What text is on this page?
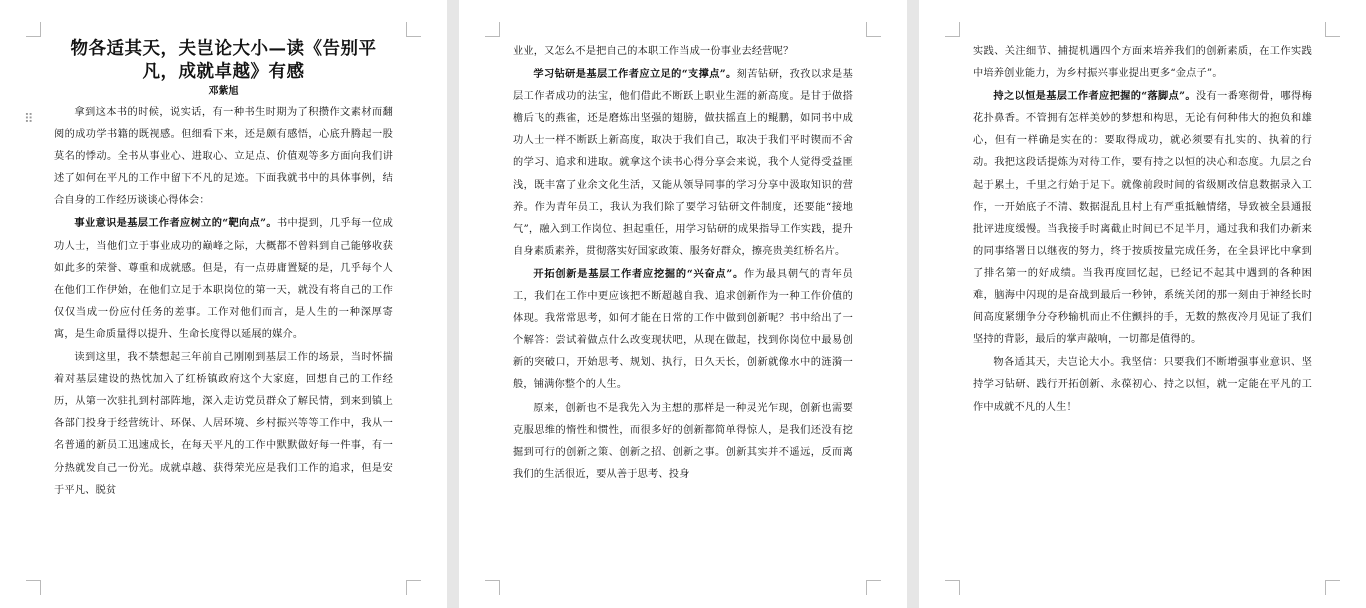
⠿
物各适其天，夫岂论大小—读《告别平凡，成就卓越》有感
邓紫旭

拿到这本书的时候，说实话，有一种书生时期为了积攒作文素材而翻阅的成功学书籍的既视感。但细看下来，还是颇有感悟，心底升腾起一股莫名的悸动。全书从事业心、进取心、立足点、价值观等多方面向我们讲述了如何在平凡的工作中留下不凡的足迹。下面我就书中的具体事例，结合自身的工作经历谈谈心得体会：

事业意识是基层工作者应树立的“靶向点”。书中提到，几乎每一位成功人士，当他们立于事业成功的巅峰之际，大概都不曾料到自己能够收获如此多的荣誉、尊重和成就感。但是，有一点毋庸置疑的是，几乎每个人在他们工作伊始，在他们立足于本职岗位的第一天，就没有将自己的工作仅仅当成一份应付任务的差事。工作对他们而言，是人生的一种深厚寄寓，是生命质量得以提升、生命长度得以延展的媒介。

读到这里，我不禁想起三年前自己刚刚到基层工作的场景，当时怀揣着对基层建设的热忱加入了红桥镇政府这个大家庭，回想自己的工作经历，从第一次驻扎到村部阵地，深入走访党员群众了解民情，到来到镇上各部门投身于经营统计、环保、人居环境、乡村振兴等等工作中，我从一名普通的新员工迅速成长，在每天平凡的工作中默默做好每一件事，有一分热就发自己一份光。成就卓越、获得荣光应是我们工作的追求，但是安于平凡、脱贫

业业，又怎么不是把自己的本职工作当成一份事业去经营呢？

学习钻研是基层工作者应立足的“支撑点”。刻苦钻研，孜孜以求是基层工作者成功的法宝，他们借此不断跃上职业生涯的新高度。是甘于做搭檐后飞的燕雀，还是磨炼出坚强的翅膀，做扶摇直上的鲲鹏，如同书中成功人士一样不断跃上新高度，取决于我们自己，取决于我们平时锲而不舍的学习、追求和进取。就拿这个读书心得分享会来说，我个人觉得受益匪浅，既丰富了业余文化生活，又能从领导同事的学习分享中汲取知识的营养。作为青年员工，我认为我们除了要学习钻研文件制度，还要能“接地气”，融入到工作岗位、担起重任，用学习钻研的成果指导工作实践，提升自身素质素养，贯彻落实好国家政策、服务好群众，擦亮贵美红桥名片。

开拓创新是基层工作者应挖掘的“兴奋点”。作为最具朝气的青年员工，我们在工作中更应该把不断超越自我、追求创新作为一种工作价值的体现。我常常思考，如何才能在日常的工作中做到创新呢？书中给出了一个解答：尝试着做点什么改变现状吧，从现在做起，找到你岗位中最易创新的突破口，开始思考、规划、执行，日久天长，创新就像水中的涟漪一般，铺满你整个的人生。

原来，创新也不是我先入为主想的那样是一种灵光乍现，创新也需要克服思维的惰性和惯性，而很多好的创新都简单得惊人，是我们还没有挖掘到可行的创新之策、创新之招、创新之事。创新其实并不遥远，反而离我们的生活很近，要从善于思考、投身

实践、关注细节、捕捉机遇四个方面来培养我们的创新素质，在工作实践中培养创业能力，为乡村振兴事业提出更多“金点子”。

持之以恒是基层工作者应把握的“落脚点”。没有一番寒彻骨，哪得梅花扑鼻香。不管拥有怎样美妙的梦想和构思，无论有何种伟大的抱负和雄心，但有一样确是实在的：要取得成功，就必须要有扎实的、执着的行动。我把这段话提炼为对待工作，要有持之以恒的决心和态度。九层之台起于累土，千里之行始于足下。就像前段时间的省级厕改信息数据录入工作，一开始底子不清、数据混乱且村上有严重抵触情绪，导致被全县通报批评进度缓慢。当我接手时离截止时间已不足半月，通过我和我们办新来的同事络署日以继夜的努力，终于按质按量完成任务，在全县评比中拿到了排名第一的好成绩。当我再度回忆起，已经记不起其中遇到的各种困难，脑海中闪现的是奋战到最后一秒钟，系统关闭的那一刻由于神经长时间高度紧绷争分夺秒输机而止不住颤抖的手，无数的熬夜冷月见证了我们坚持的背影，最后的掌声敲响，一切都是值得的。

物各适其天，夫岂论大小。我坚信：只要我们不断增强事业意识、坚持学习钻研、践行开拓创新、永葆初心、持之以恒，就一定能在平凡的工作中成就不凡的人生！
